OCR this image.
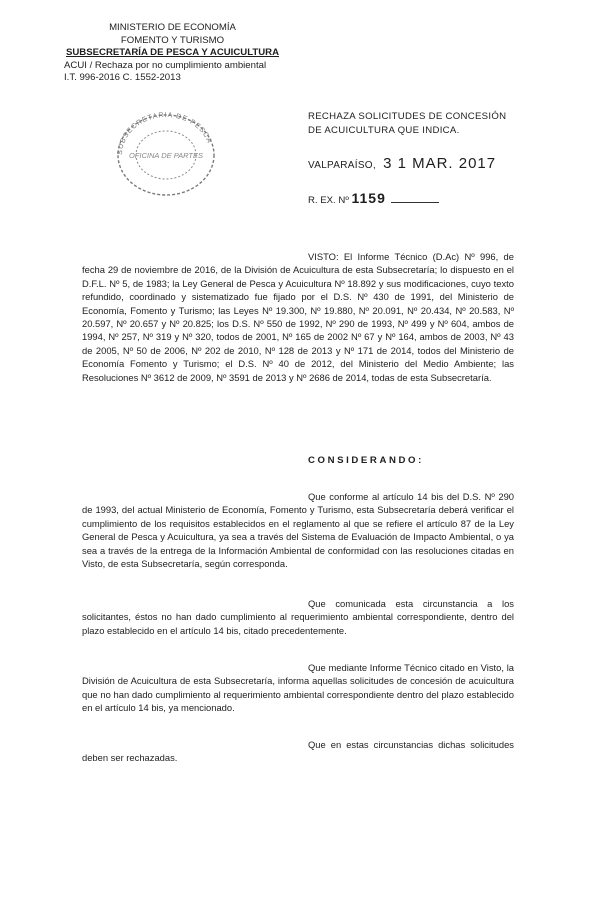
MINISTERIO DE ECONOMÍA
FOMENTO Y TURISMO
SUBSECRETARÍA DE PESCA Y ACUICULTURA
ACUI / Rechaza por no cumplimiento ambiental
I.T. 996-2016 C. 1552-2013
SUBSECRETARIA DE PESCA
OFICINA DE PARTES
RECHAZA SOLICITUDES DE CONCESIÓN DE ACUICULTURA QUE INDICA.
VALPARAÍSO, 3 1 MAR. 2017
R. EX. Nº 1159
VISTO: El Informe Técnico (D.Ac) Nº 996, de fecha 29 de noviembre de 2016, de la División de Acuicultura de esta Subsecretaría; lo dispuesto en el D.F.L. Nº 5, de 1983; la Ley General de Pesca y Acuicultura Nº 18.892 y sus modificaciones, cuyo texto refundido, coordinado y sistematizado fue fijado por el D.S. Nº 430 de 1991, del Ministerio de Economía, Fomento y Turismo; las Leyes Nº 19.300, Nº 19.880, Nº 20.091, Nº 20.434, Nº 20.583, Nº 20.597, Nº 20.657 y Nº 20.825; los D.S. Nº 550 de 1992, Nº 290 de 1993, Nº 499 y Nº 604, ambos de 1994, Nº 257, Nº 319 y Nº 320, todos de 2001, Nº 165 de 2002 Nº 67 y Nº 164, ambos de 2003, Nº 43 de 2005, Nº 50 de 2006, Nº 202 de 2010, Nº 128 de 2013 y Nº 171 de 2014, todos del Ministerio de Economía Fomento y Turismo; el D.S. Nº 40 de 2012, del Ministerio del Medio Ambiente; las Resoluciones Nº 3612 de 2009, Nº 3591 de 2013 y Nº 2686 de 2014, todas de esta Subsecretaría.
CONSIDERANDO:
Que conforme al artículo 14 bis del D.S. Nº 290 de 1993, del actual Ministerio de Economía, Fomento y Turismo, esta Subsecretaría deberá verificar el cumplimiento de los requisitos establecidos en el reglamento al que se refiere el artículo 87 de la Ley General de Pesca y Acuicultura, ya sea a través del Sistema de Evaluación de Impacto Ambiental, o ya sea a través de la entrega de la Información Ambiental de conformidad con las resoluciones citadas en Visto, de esta Subsecretaría, según corresponda.
Que comunicada esta circunstancia a los solicitantes, éstos no han dado cumplimiento al requerimiento ambiental correspondiente, dentro del plazo establecido en el artículo 14 bis, citado precedentemente.
Que mediante Informe Técnico citado en Visto, la División de Acuicultura de esta Subsecretaría, informa aquellas solicitudes de concesión de acuicultura que no han dado cumplimiento al requerimiento ambiental correspondiente dentro del plazo establecido en el artículo 14 bis, ya mencionado.
Que en estas circunstancias dichas solicitudes deben ser rechazadas.
